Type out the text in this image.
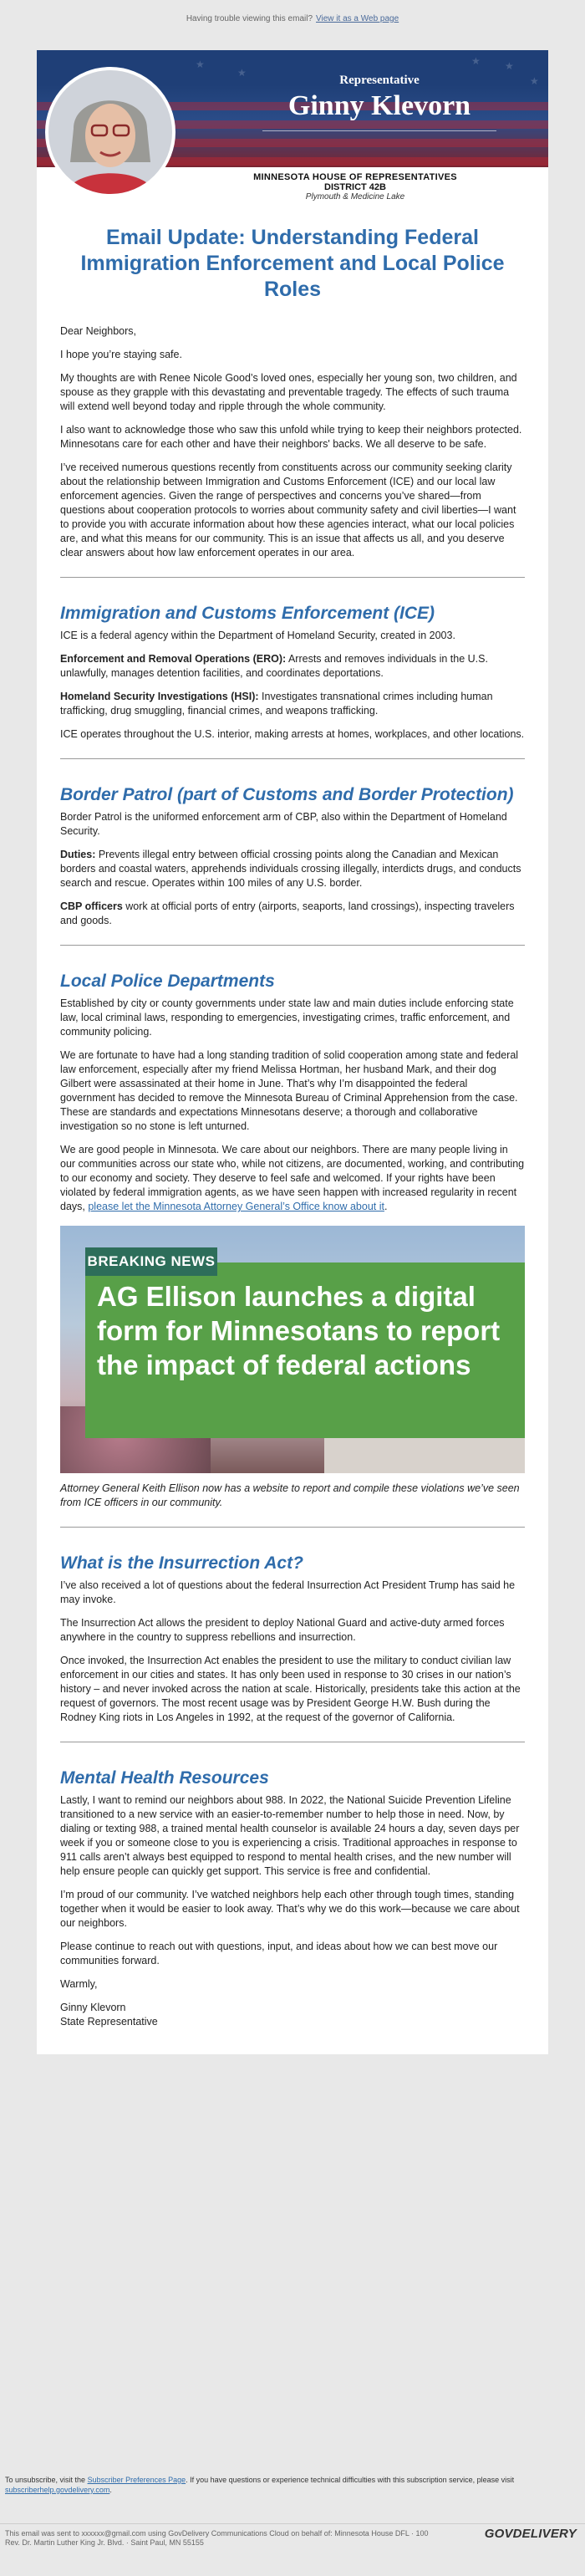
Having trouble viewing this email? View it as a Web page
★
★
★
★
★
Representative
Ginny Klevorn
MINNESOTA HOUSE OF REPRESENTATIVES
DISTRICT 42B
Plymouth & Medicine Lake
Email Update: Understanding Federal Immigration Enforcement and Local Police Roles

Dear Neighbors,

I hope you’re staying safe.

My thoughts are with Renee Nicole Good’s loved ones, especially her young son, two children, and spouse as they grapple with this devastating and preventable tragedy. The effects of such trauma will extend well beyond today and ripple through the whole community.

I also want to acknowledge those who saw this unfold while trying to keep their neighbors protected. Minnesotans care for each other and have their neighbors' backs. We all deserve to be safe.

I’ve received numerous questions recently from constituents across our community seeking clarity about the relationship between Immigration and Customs Enforcement (ICE) and our local law enforcement agencies. Given the range of perspectives and concerns you’ve shared—from questions about cooperation protocols to worries about community safety and civil liberties—I want to provide you with accurate information about how these agencies interact, what our local policies are, and what this means for our community. This is an issue that affects us all, and you deserve clear answers about how law enforcement operates in our area.

Immigration and Customs Enforcement (ICE)

ICE is a federal agency within the Department of Homeland Security, created in 2003.

Enforcement and Removal Operations (ERO): Arrests and removes individuals in the U.S. unlawfully, manages detention facilities, and coordinates deportations.

Homeland Security Investigations (HSI): Investigates transnational crimes including human trafficking, drug smuggling, financial crimes, and weapons trafficking.

ICE operates throughout the U.S. interior, making arrests at homes, workplaces, and other locations.

Border Patrol (part of Customs and Border Protection)

Border Patrol is the uniformed enforcement arm of CBP, also within the Department of Homeland Security.

Duties: Prevents illegal entry between official crossing points along the Canadian and Mexican borders and coastal waters, apprehends individuals crossing illegally, interdicts drugs, and conducts search and rescue. Operates within 100 miles of any U.S. border.

CBP officers work at official ports of entry (airports, seaports, land crossings), inspecting travelers and goods.

Local Police Departments

Established by city or county governments under state law and main duties include enforcing state law, local criminal laws, responding to emergencies, investigating crimes, traffic enforcement, and community policing.

We are fortunate to have had a long standing tradition of solid cooperation among state and federal law enforcement, especially after my friend Melissa Hortman, her husband Mark, and their dog Gilbert were assassinated at their home in June. That’s why I’m disappointed the federal government has decided to remove the Minnesota Bureau of Criminal Apprehension from the case. These are standards and expectations Minnesotans deserve; a thorough and collaborative investigation so no stone is left unturned.

We are good people in Minnesota. We care about our neighbors. There are many people living in our communities across our state who, while not citizens, are documented, working, and contributing to our economy and society. They deserve to feel safe and welcomed. If your rights have been violated by federal immigration agents, as we have seen happen with increased regularity in recent days, please let the Minnesota Attorney General’s Office know about it.

BREAKING NEWS
AG Ellison launches a digital form for Minnesotans to report the impact of federal actions

Attorney General Keith Ellison now has a website to report and compile these violations we’ve seen from ICE officers in our community.

What is the Insurrection Act?

I’ve also received a lot of questions about the federal Insurrection Act President Trump has said he may invoke.

The Insurrection Act allows the president to deploy National Guard and active-duty armed forces anywhere in the country to suppress rebellions and insurrection.

Once invoked, the Insurrection Act enables the president to use the military to conduct civilian law enforcement in our cities and states. It has only been used in response to 30 crises in our nation’s history – and never invoked across the nation at scale. Historically, presidents take this action at the request of governors. The most recent usage was by President George H.W. Bush during the Rodney King riots in Los Angeles in 1992, at the request of the governor of California.

Mental Health Resources

Lastly, I want to remind our neighbors about 988. In 2022, the National Suicide Prevention Lifeline transitioned to a new service with an easier-to-remember number to help those in need. Now, by dialing or texting 988, a trained mental health counselor is available 24 hours a day, seven days per week if you or someone close to you is experiencing a crisis. Traditional approaches in response to 911 calls aren’t always best equipped to respond to mental health crises, and the new number will help ensure people can quickly get support. This service is free and confidential.

I’m proud of our community. I’ve watched neighbors help each other through tough times, standing together when it would be easier to look away. That’s why we do this work—because we care about our neighbors.

Please continue to reach out with questions, input, and ideas about how we can best move our communities forward.

Warmly,

Ginny Klevorn

State Representative

To unsubscribe, visit the Subscriber Preferences Page. If you have questions or experience technical difficulties with this subscription service, please visit subscriberhelp.govdelivery.com.
This email was sent to xxxxxx@gmail.com using GovDelivery Communications Cloud on behalf of: Minnesota House DFL · 100
Rev. Dr. Martin Luther King Jr. Blvd. · Saint Paul, MN 55155
GOVDELIVERY
